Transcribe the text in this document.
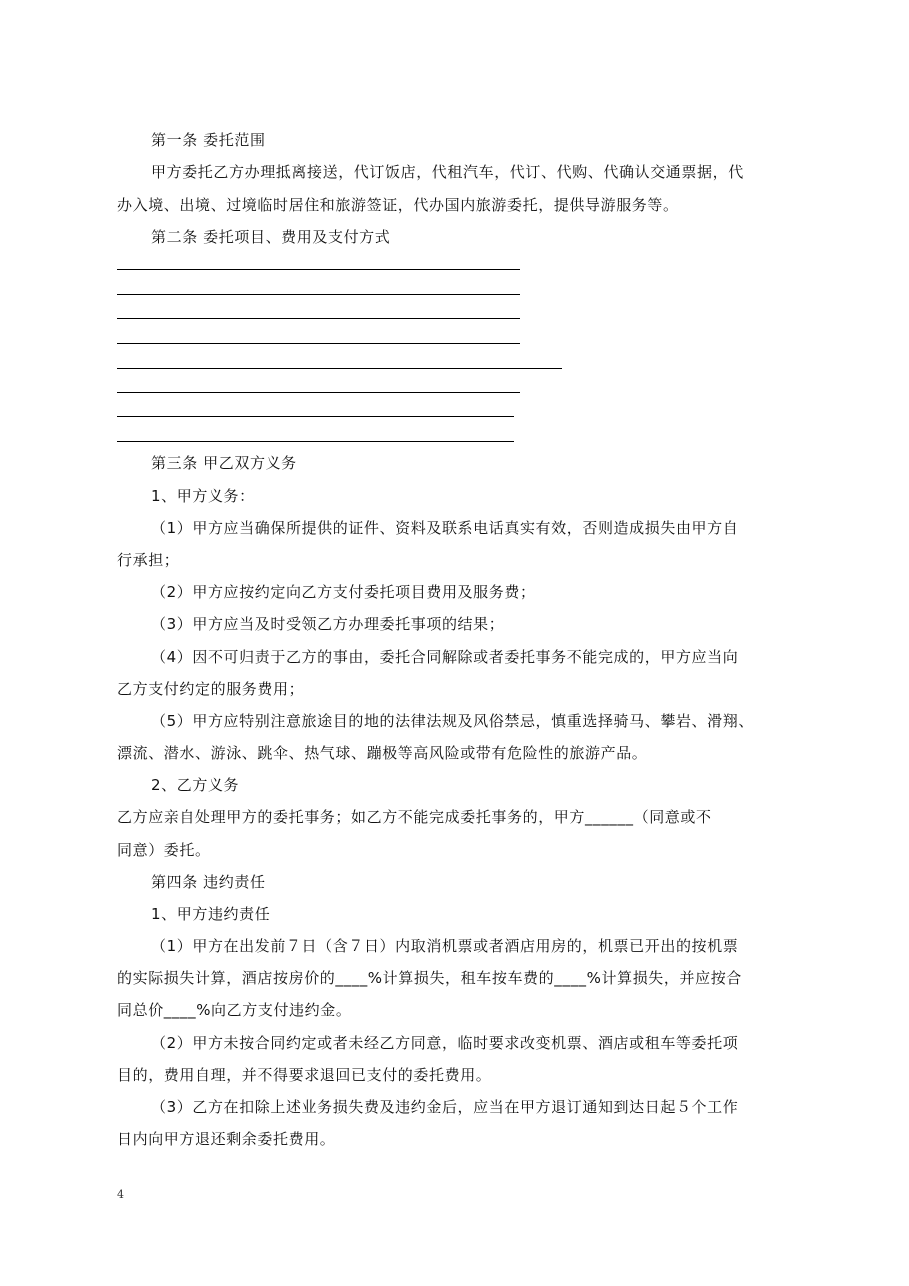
第一条 委托范围
甲方委托乙方办理抵离接送，代订饭店，代租汽车，代订、代购、代确认交通票据，代
办入境、出境、过境临时居住和旅游签证，代办国内旅游委托，提供导游服务等。
第二条 委托项目、费用及支付方式
第三条 甲乙双方义务
1、甲方义务：
（1）甲方应当确保所提供的证件、资料及联系电话真实有效，否则造成损失由甲方自
行承担；
（2）甲方应按约定向乙方支付委托项目费用及服务费；
（3）甲方应当及时受领乙方办理委托事项的结果；
（4）因不可归责于乙方的事由，委托合同解除或者委托事务不能完成的，甲方应当向
乙方支付约定的服务费用；
（5）甲方应特别注意旅途目的地的法律法规及风俗禁忌，慎重选择骑马、攀岩、滑翔、
漂流、潜水、游泳、跳伞、热气球、蹦极等高风险或带有危险性的旅游产品。
2、乙方义务
乙方应亲自处理甲方的委托事务；如乙方不能完成委托事务的，甲方______（同意或不
同意）委托。
第四条 违约责任
1、甲方违约责任
（1）甲方在出发前７日（含７日）内取消机票或者酒店用房的，机票已开出的按机票
的实际损失计算，酒店按房价的____%计算损失，租车按车费的____%计算损失，并应按合
同总价____%向乙方支付违约金。
（2）甲方未按合同约定或者未经乙方同意，临时要求改变机票、酒店或租车等委托项
目的，费用自理，并不得要求退回已支付的委托费用。
（3）乙方在扣除上述业务损失费及违约金后，应当在甲方退订通知到达日起５个工作
日内向甲方退还剩余委托费用。
4
